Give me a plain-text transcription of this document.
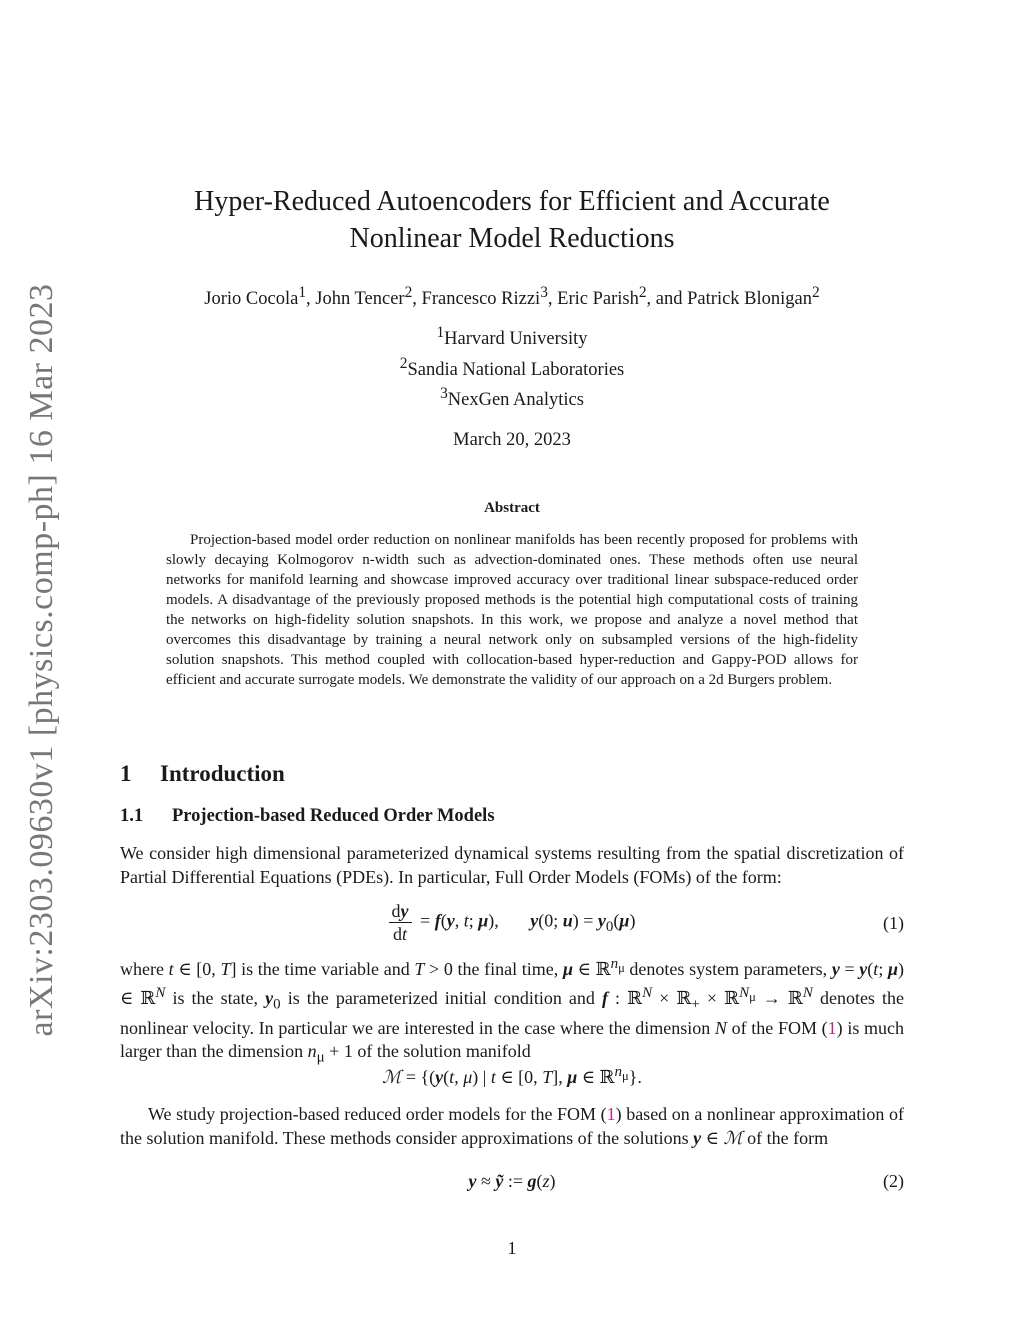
arXiv:2303.09630v1 [physics.comp-ph] 16 Mar 2023
Hyper-Reduced Autoencoders for Efficient and Accurate
Nonlinear Model Reductions
Jorio Cocola$^1$, John Tencer$^2$, Francesco Rizzi$^3$, Eric Parish$^2$, and Patrick Blonigan$^2$
$^1$Harvard University
$^2$Sandia National Laboratories
$^3$NexGen Analytics
March 20, 2023
Abstract
Projection-based model order reduction on nonlinear manifolds has been recently proposed for problems with slowly decaying Kolmogorov n-width such as advection-dominated ones. These methods often use neural networks for manifold learning and showcase improved accuracy over traditional linear subspace-reduced order models. A disadvantage of the previously proposed methods is the potential high computational costs of training the networks on high-fidelity solution snapshots. In this work, we propose and analyze a novel method that overcomes this disadvantage by training a neural network only on subsampled versions of the high-fidelity solution snapshots. This method coupled with collocation-based hyper-reduction and Gappy-POD allows for efficient and accurate surrogate models. We demonstrate the validity of our approach on a 2d Burgers problem.
1 Introduction
1.1 Projection-based Reduced Order Models
We consider high dimensional parameterized dynamical systems resulting from the spatial discretization of Partial Differential Equations (PDEs). In particular, Full Order Models (FOMs) of the form:
$\frac{dy}{dt} = f(y$, t; μ),       y(0; $u) = y_0(\mu)$	(1)
where t ∈ [0, T] is the time variable and T > 0 the final time, μ ∈ ℝ$^{n_\mu}$ denotes system parameters, y = y(t; μ) ∈ ℝ$^N$ is the state, $y_0$ is the parameterized initial condition and f : ℝ$^N$ × ℝ$_+$ × ℝ$^{N_\mu}$ → ℝ$^N$ denotes the nonlinear velocity. In particular we are interested in the case where the dimension N of the FOM (1) is much larger than the dimension $n_\mu + 1$ of the solution manifold
ℳ = {(y(t, μ) | t ∈ [0, T], μ ∈ ℝ$^{n_\mu}$}.
We study projection-based reduced order models for the FOM (1) based on a nonlinear approximation of the solution manifold. These methods consider approximations of the solutions y ∈ ℳ of the form
y ≈ ỹ := g(z)	(2)
1
